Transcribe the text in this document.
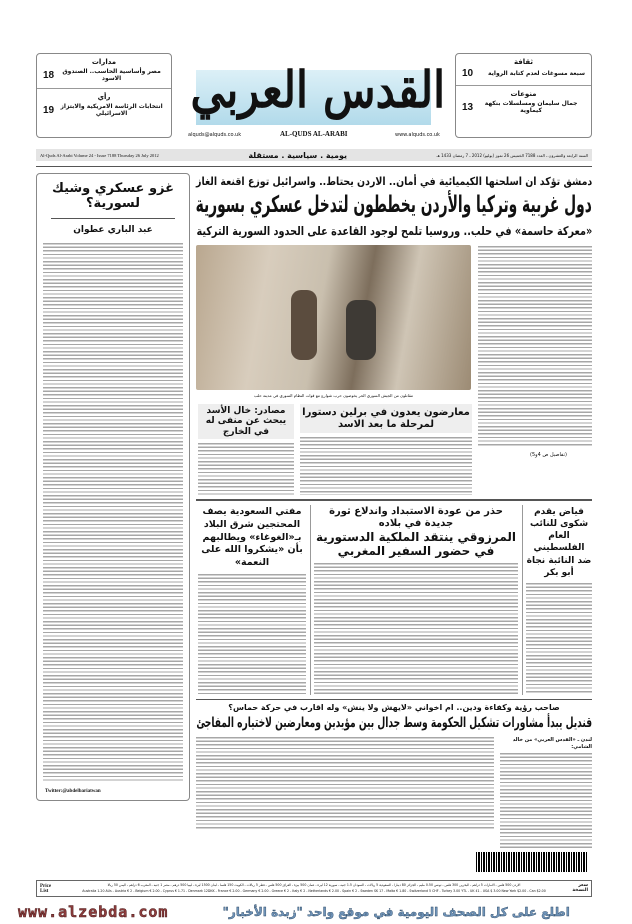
مدارات
مصر وأساسية الحاسب.. الصندوق الاسود
18
رأي
انتخابات الرئاسة الامريكية والابتزاز الاسرائيلي
19
ثقافة
سبعة مسوغات لعدم كتابة الرواية
10
منوعات
جمال سليمان ومسلسلات بنكهة كيماوية
13
القدس العربي
alquds@alquds.co.uk	AL-QUDS AL-ARABI	www.alquds.co.uk
Al-Quds Al-Arabi Volume 24 - Issue 7188 Thursday 26 July 2012	يومية . سياسية . مستقلة	السنة الرابعة والعشرون ـ العدد 7188 الخميس 26 تموز (يوليو) 2012 ـ 7 رمضان 1433 هـ
غزو عسكري وشيك لسورية؟
عبد الباري عطوان
Twitter:@abdelbariatwan
دمشق تؤكد ان اسلحتها الكيميائية في أمان.. الاردن يحتاط.. واسرائيل توزع اقنعة الغاز
دول غربية وتركيا والأردن يخططون لتدخل عسكري بسورية
«معركة حاسمة» في حلب.. وروسيا تلمح لوجود القاعدة على الحدود السورية التركية
مقاتلون من الجيش السوري الحر يخوضون حرب شوارع مع قوات النظام السوري في مدينة حلب
(تفاصيل ص 4و5)
معارضون يعدون في برلين دستورا لمرحلة ما بعد الاسد
مصادر: خال الأسد يبحث عن منفى له في الخارج
فياض يقدم شكوى للنائب العام الفلسطيني ضد النائبة نجاة أبو بكر
حذر من عودة الاستبداد واندلاع ثورة جديدة في بلاده
المرزوقي ينتقد الملكية الدستورية في حضور السفير المغربي
مفتي السعودية يصف المحتجين شرق البلاد بـ«الغوغاء» ويطالبهم بأن «يشكروا الله على النعمة»
صاحب رؤية وكفاءة ودين.. ام اخواني «لايهش ولا ينش» وله اقارب في حركة حماس؟
قنديل يبدأ مشاورات تشكيل الحكومة وسط جدال بين مؤيدين ومعارضين لاختياره المفاجئ
لندن ـ «القدس العربي» من خالد الشامي:
Price List
الاردن 500 فلس ـ الامارات 5 دراهم ـ البحرين 300 فلس ـ تونس 0.50 مليم ـ الجزائر 80 دينارا ـ السعودية 5 ريالات ـ السودان 1.5 جنيه ـ سورية 12 ليرة ـ عمان 500 بيزة ـ العراق 500 فلس ـ قطر 5 ريالات ـ الكويت 150 فلسا ـ لبنان 1500 ليرة ـ ليبيا 500 درهم ـ مصر 1 جنيه ـ المغرب 6 دراهم ـ اليمن 50 ريالا
Australia 1.20 AUs - Austria € 2 - Belgium € 2.00 - Cyprus € 1.71 - Denmark 12DKK - France € 2.00 - Germany € 2.00 - Greece € 2 - Italy € 2 - Netherlands € 2.00 - Spain € 2 - Sweden SK 17 - Malta € 1.80 - Switzerland 5 CHF - Turkey 3.00 YTL - UK £1 - USA $ 3.00 New York $2.00 - Can $2.00
سعر النسخة
www.alzebda.com	اطلع على كل الصحف اليومية في موقع واحد "زبدة الأخبار"
